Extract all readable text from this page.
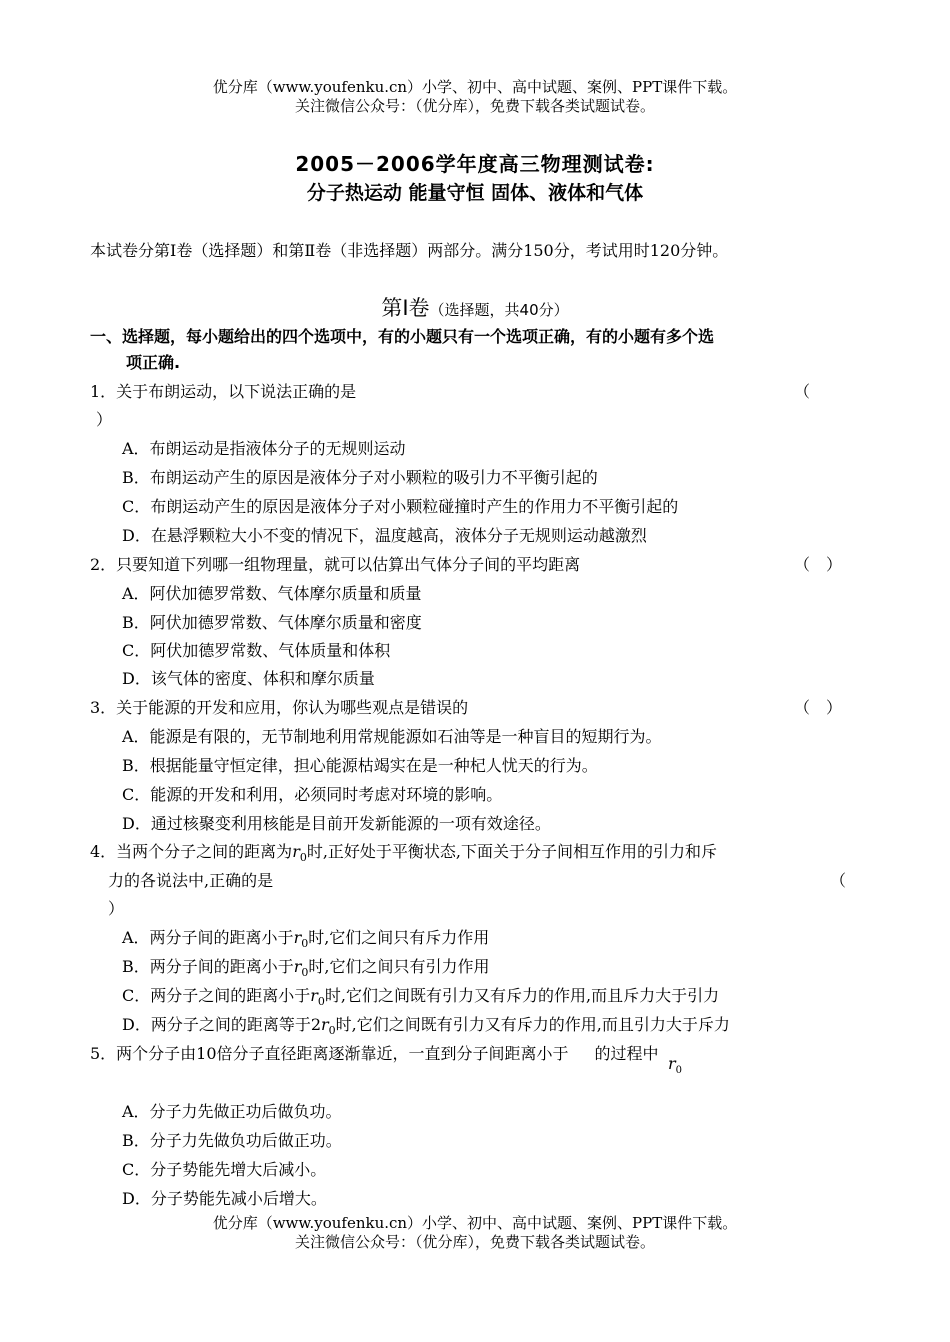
优分库（www.youfenku.cn）小学、初中、高中试题、案例、PPT课件下载。
关注微信公众号：（优分库），免费下载各类试题试卷。
2005－2006学年度高三物理测试卷:
分子热运动 能量守恒 固体、液体和气体
本试卷分第Ⅰ卷（选择题）和第Ⅱ卷（非选择题）两部分。满分150分，考试用时120分钟。
第Ⅰ卷（选择题，共40分）
一、选择题，每小题给出的四个选项中，有的小题只有一个选项正确，有的小题有多个选
项正确.
1．关于布朗运动，以下说法正确的是	（
）
A．布朗运动是指液体分子的无规则运动
B．布朗运动产生的原因是液体分子对小颗粒的吸引力不平衡引起的
C．布朗运动产生的原因是液体分子对小颗粒碰撞时产生的作用力不平衡引起的
D．在悬浮颗粒大小不变的情况下，温度越高，液体分子无规则运动越激烈
2．只要知道下列哪一组物理量，就可以估算出气体分子间的平均距离	（　）
A．阿伏加德罗常数、气体摩尔质量和质量
B．阿伏加德罗常数、气体摩尔质量和密度
C．阿伏加德罗常数、气体质量和体积
D．该气体的密度、体积和摩尔质量
3．关于能源的开发和应用，你认为哪些观点是错误的	（　）
A．能源是有限的，无节制地利用常规能源如石油等是一种盲目的短期行为。
B．根据能量守恒定律，担心能源枯竭实在是一种杞人忧天的行为。
C．能源的开发和利用，必须同时考虑对环境的影响。
D．通过核聚变利用核能是目前开发新能源的一项有效途径。
4．当两个分子之间的距离为$r_0$时,正好处于平衡状态,下面关于分子间相互作用的引力和斥
力的各说法中,正确的是	（
）
A．两分子间的距离小于$r_0$时,它们之间只有斥力作用
B．两分子间的距离小于$r_0$时,它们之间只有引力作用
C．两分子之间的距离小于$r_0$时,它们之间既有引力又有斥力的作用,而且斥力大于引力
D．两分子之间的距离等于$2r_0$时,它们之间既有引力又有斥力的作用,而且引力大于斥力
5．两个分子由10倍分子直径距离逐渐靠近，一直到分子间距离小于 的过程中
$r_0$
A．分子力先做正功后做负功。
B．分子力先做负功后做正功。
C．分子势能先增大后减小。
D．分子势能先减小后增大。
优分库（www.youfenku.cn）小学、初中、高中试题、案例、PPT课件下载。
关注微信公众号：（优分库），免费下载各类试题试卷。
